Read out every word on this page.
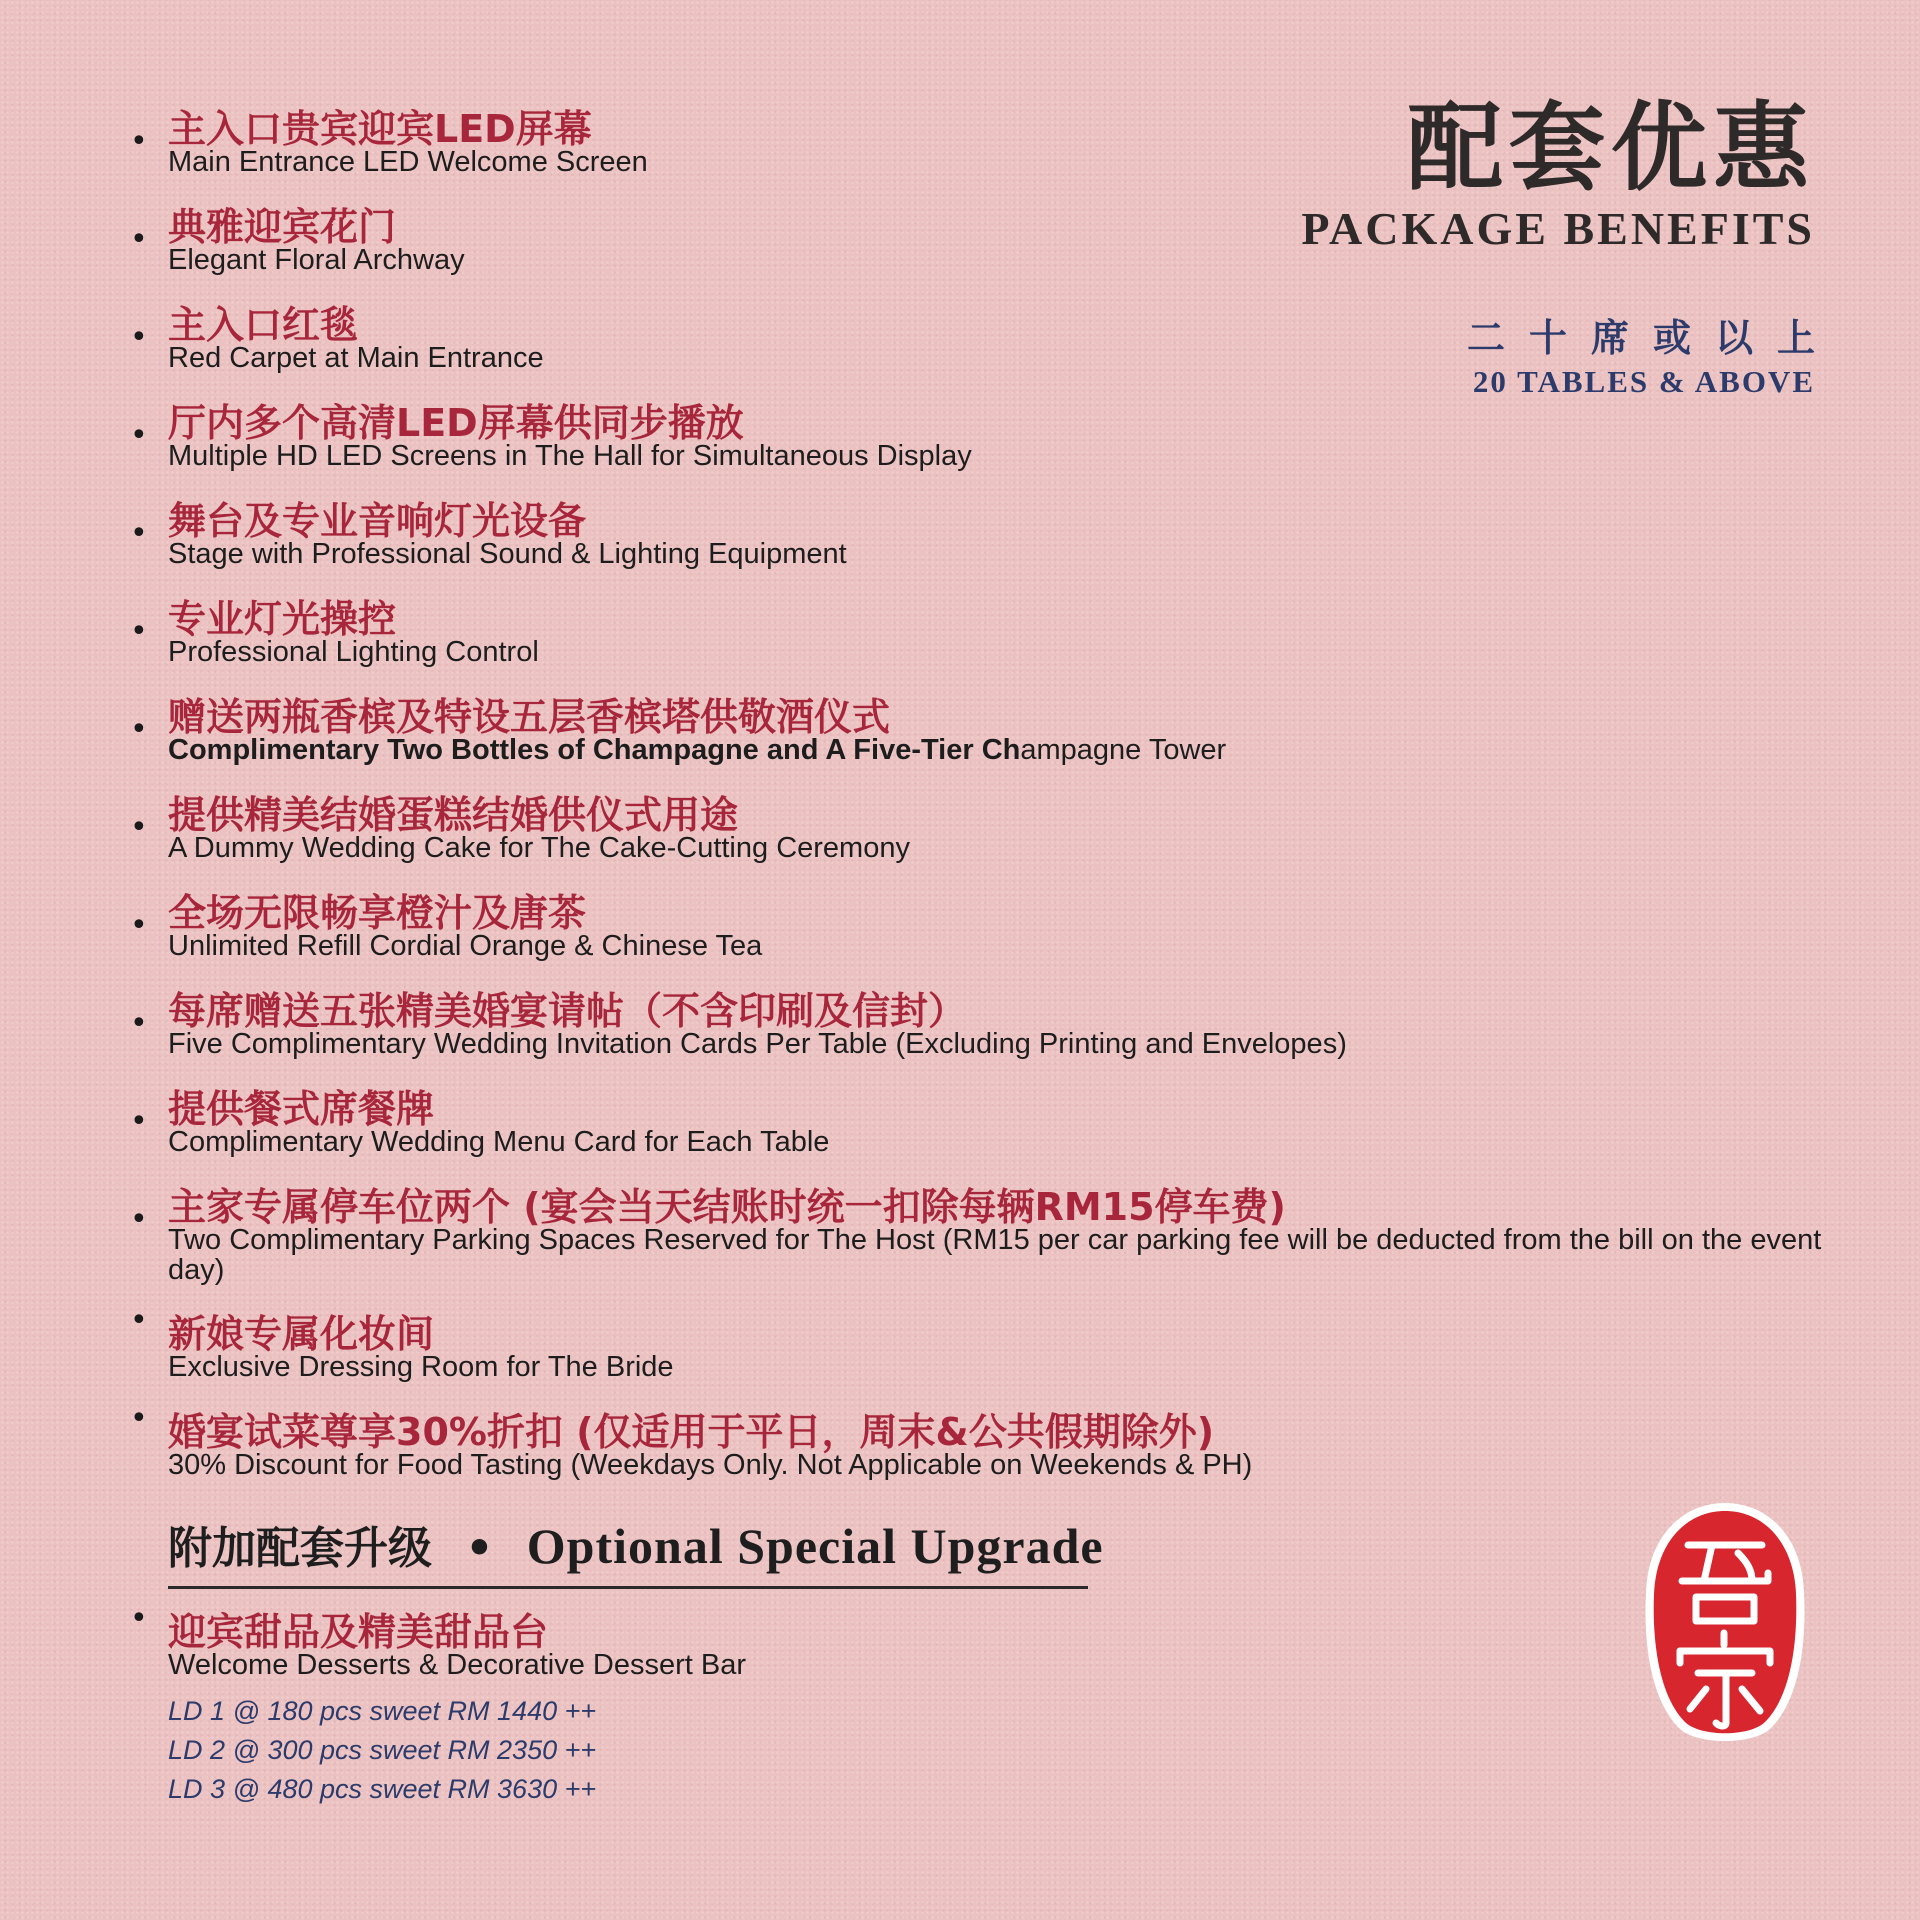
配套优惠
PACKAGE BENEFITS
二十席或以上
20 TABLES & ABOVE
• 主入口贵宾迎宾LED屏幕
Main Entrance LED Welcome Screen
• 典雅迎宾花门
Elegant Floral Archway
• 主入口红毯
Red Carpet at Main Entrance
• 厅内多个高清LED屏幕供同步播放
Multiple HD LED Screens in The Hall for Simultaneous Display
• 舞台及专业音响灯光设备
Stage with Professional Sound & Lighting Equipment
• 专业灯光操控
Professional Lighting Control
• 赠送两瓶香槟及特设五层香槟塔供敬酒仪式
Complimentary Two Bottles of Champagne and A Five-Tier Champagne Tower
• 提供精美结婚蛋糕结婚供仪式用途
A Dummy Wedding Cake for The Cake-Cutting Ceremony
• 全场无限畅享橙汁及唐茶
Unlimited Refill Cordial Orange & Chinese Tea
• 每席赠送五张精美婚宴请帖（不含印刷及信封）
Five Complimentary Wedding Invitation Cards Per Table (Excluding Printing and Envelopes)
• 提供餐式席餐牌
Complimentary Wedding Menu Card for Each Table
• 主家专属停车位两个 (宴会当天结账时统一扣除每辆RM15停车费)
Two Complimentary Parking Spaces Reserved for The Host (RM15 per car parking fee will be deducted from the bill on the event day)
• 新娘专属化妆间
Exclusive Dressing Room for The Bride
• 婚宴试菜尊享30%折扣 (仅适用于平日，周末&公共假期除外)
30% Discount for Food Tasting (Weekdays Only. Not Applicable on Weekends & PH)
附加配套升级 • Optional Special Upgrade
• 迎宾甜品及精美甜品台
Welcome Desserts & Decorative Dessert Bar
LD 1 @ 180 pcs sweet RM 1440 ++
LD 2 @ 300 pcs sweet RM 2350 ++
LD 3 @ 480 pcs sweet RM 3630 ++
